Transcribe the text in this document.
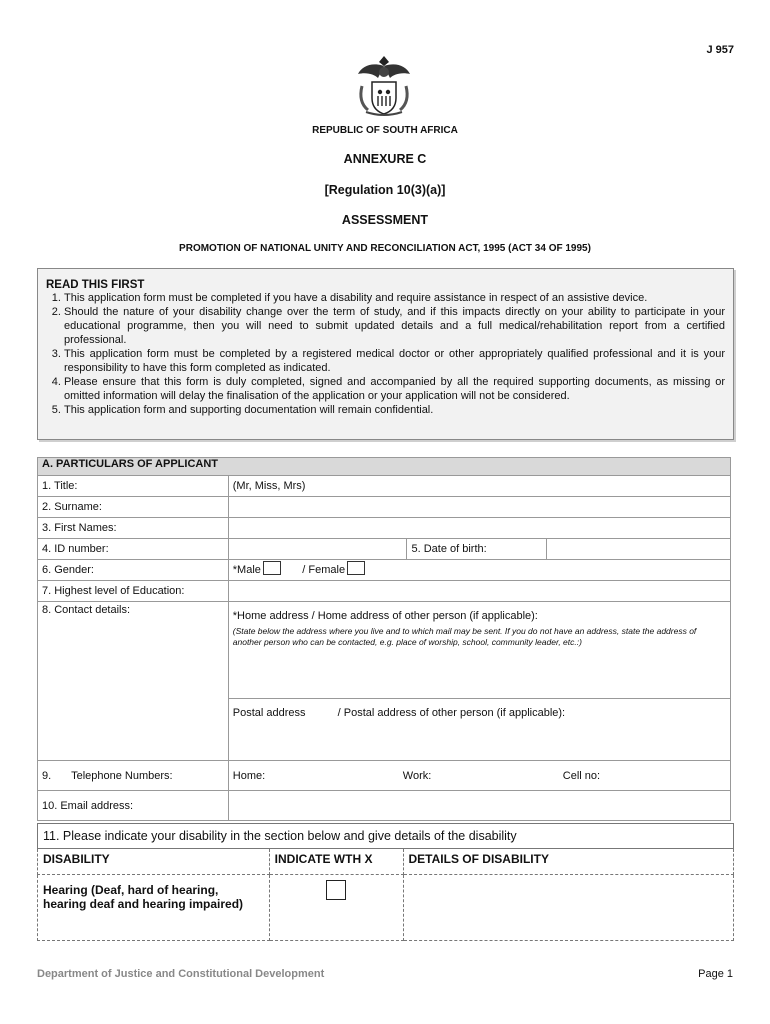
J 957
REPUBLIC OF SOUTH AFRICA
ANNEXURE C
[Regulation 10(3)(a)]
ASSESSMENT
PROMOTION OF NATIONAL UNITY AND RECONCILIATION ACT, 1995 (ACT 34 OF 1995)
READ THIS FIRST
1. This application form must be completed if you have a disability and require assistance in respect of an assistive device.
2. Should the nature of your disability change over the term of study, and if this impacts directly on your ability to participate in your educational programme, then you will need to submit updated details and a full medical/rehabilitation report from a certified professional.
3. This application form must be completed by a registered medical doctor or other appropriately qualified professional and it is your responsibility to have this form completed as indicated.
4. Please ensure that this form is duly completed, signed and accompanied by all the required supporting documents, as missing or omitted information will delay the finalisation of the application or your application will not be considered.
5. This application form and supporting documentation will remain confidential.
A. PARTICULARS OF APPLICANT			
1. Title:	(Mr, Miss, Mrs)		
2. Surname:			
3. First Names:			
4. ID number:		5. Date of birth:	
6. Gender:	*Male / Female		
7. Highest level of Education:			
8. Contact details:	*Home address / Home address of other person (if applicable):
(State below the address where you live and to which mail may be sent. If you do not have an address, state the address of another person who can be contacted, e.g. place of worship, school, community leader, etc.:)		

	Postal address / Postal address of other person (if applicable):		
9. Telephone Numbers:	Home: Work: Cell no:		

10. Email address:			
11. Please indicate your disability in the section below and give details of the disability		
DISABILITY	INDICATE WTH X	DETAILS OF DISABILITY
Hearing (Deaf, hard of hearing, hearing deaf and hearing impaired)		
Department of Justice and Constitutional Development	Page 1
